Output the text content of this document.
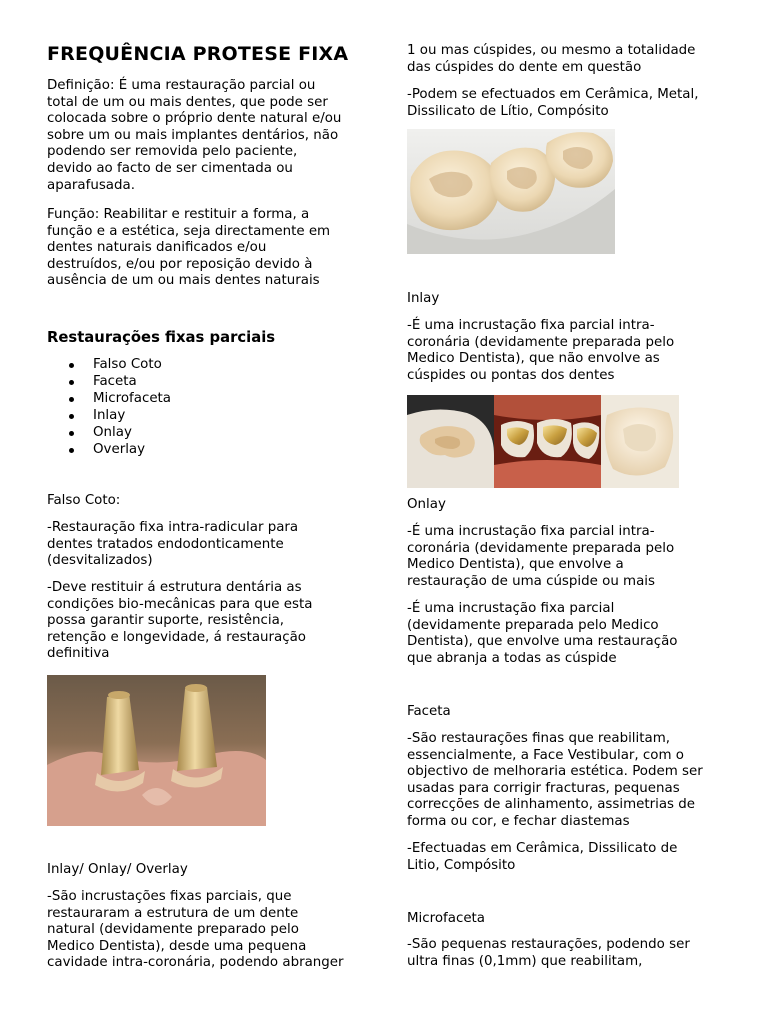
FREQUÊNCIA PROTESE FIXA

Definição: É uma restauração parcial ou
total de um ou mais dentes, que pode ser
colocada sobre o próprio dente natural e/ou
sobre um ou mais implantes dentários, não
podendo ser removida pelo paciente,
devido ao facto de ser cimentada ou
aparafusada.

Função: Reabilitar e restituir a forma, a
função e a estética, seja directamente em
dentes naturais danificados e/ou
destruídos, e/ou por reposição devido à
ausência de um ou mais dentes naturais

Restaurações fixas parciais
Falso Coto
Faceta
Microfaceta
Inlay
Onlay
Overlay

Falso Coto:

-Restauração fixa intra-radicular para
dentes tratados endodonticamente
(desvitalizados)

-Deve restituir á estrutura dentária as
condições bio-mecânicas para que esta
possa garantir suporte, resistência,
retenção e longevidade, á restauração
definitiva

Inlay/ Onlay/ Overlay

-São incrustações fixas parciais, que
restauraram a estrutura de um dente
natural (devidamente preparado pelo
Medico Dentista), desde uma pequena
cavidade intra-coronária, podendo abranger

1 ou mas cúspides, ou mesmo a totalidade
das cúspides do dente em questão

-Podem se efectuados em Cerâmica, Metal,
Dissilicato de Lítio, Compósito

Inlay

-É uma incrustação fixa parcial intra-
coronária (devidamente preparada pelo
Medico Dentista), que não envolve as
cúspides ou pontas dos dentes

Onlay

-É uma incrustação fixa parcial intra-
coronária (devidamente preparada pelo
Medico Dentista), que envolve a
restauração de uma cúspide ou mais

-É uma incrustação fixa parcial
(devidamente preparada pelo Medico
Dentista), que envolve uma restauração
que abranja a todas as cúspide

Faceta

-São restaurações finas que reabilitam,
essencialmente, a Face Vestibular, com o
objectivo de melhoraria estética. Podem ser
usadas para corrigir fracturas, pequenas
correcções de alinhamento, assimetrias de
forma ou cor, e fechar diastemas

-Efectuadas em Cerâmica, Dissilicato de
Litio, Compósito

Microfaceta

-São pequenas restaurações, podendo ser
ultra finas (0,1mm) que reabilitam,
